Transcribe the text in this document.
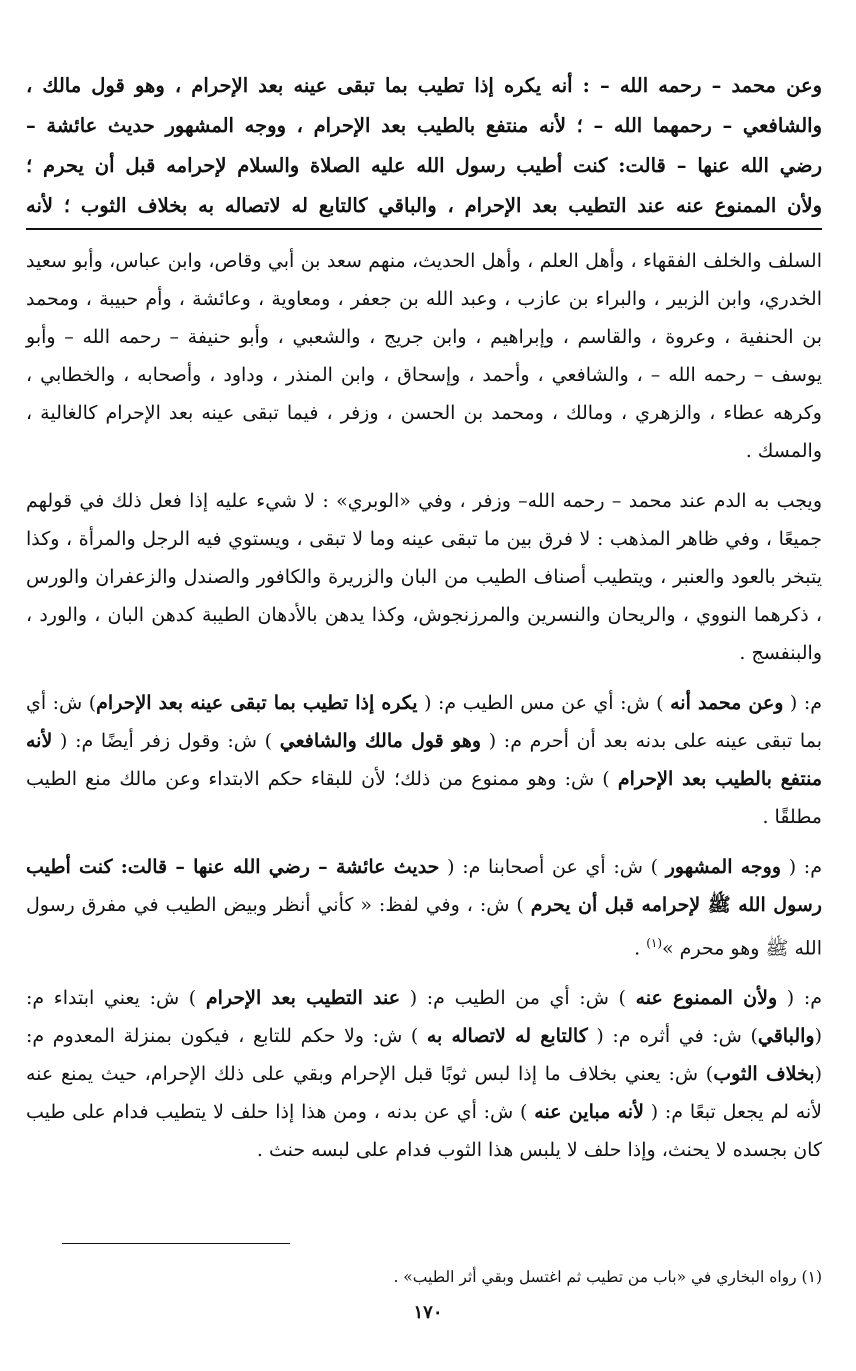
وعن محمد – رحمه الله – : أنه يكره إذا تطيب بما تبقى عينه بعد الإحرام ، وهو قول مالك ،
والشافعي – رحمهما الله – ؛ لأنه منتفع بالطيب بعد الإحرام ، ووجه المشهور حديث عائشة –
رضي الله عنها – قالت: كنت أطيب رسول الله عليه الصلاة والسلام لإحرامه قبل أن يحرم ؛
ولأن الممنوع عنه عند التطيب بعد الإحرام ، والباقي كالتابع له لاتصاله به بخلاف الثوب ؛ لأنه

السلف والخلف الفقهاء ، وأهل العلم ، وأهل الحديث، منهم سعد بن أبي وقاص، وابن عباس، وأبو سعيد الخدري، وابن الزبير ، والبراء بن عازب ، وعبد الله بن جعفر ، ومعاوية ، وعائشة ، وأم حبيبة ، ومحمد بن الحنفية ، وعروة ، والقاسم ، وإبراهيم ، وابن جريج ، والشعبي ، وأبو حنيفة – رحمه الله – وأبو يوسف – رحمه الله – ، والشافعي ، وأحمد ، وإسحاق ، وابن المنذر ، وداود ، وأصحابه ، والخطابي ، وكرهه عطاء ، والزهري ، ومالك ، ومحمد بن الحسن ، وزفر ، فيما تبقى عينه بعد الإحرام كالغالية ، والمسك .

ويجب به الدم عند محمد – رحمه الله– وزفر ، وفي «الوبري» : لا شيء عليه إذا فعل ذلك في قولهم جميعًا ، وفي ظاهر المذهب : لا فرق بين ما تبقى عينه وما لا تبقى ، ويستوي فيه الرجل والمرأة ، وكذا يتبخر بالعود والعنبر ، ويتطيب أصناف الطيب من البان والزريرة والكافور والصندل والزعفران والورس ، ذكرهما النووي ، والريحان والنسرين والمرزنجوش، وكذا يدهن بالأدهان الطيبة كدهن البان ، والورد ، والبنفسج .

م: ( وعن محمد أنه ) ش: أي عن مس الطيب م: ( يكره إذا تطيب بما تبقى عينه بعد الإحرام) ش: أي بما تبقى عينه على بدنه بعد أن أحرم م: ( وهو قول مالك والشافعي ) ش: وقول زفر أيضًا م: ( لأنه منتفع بالطيب بعد الإحرام ) ش: وهو ممنوع من ذلك؛ لأن للبقاء حكم الابتداء وعن مالك منع الطيب مطلقًا .

م: ( ووجه المشهور ) ش: أي عن أصحابنا م: ( حديث عائشة – رضي الله عنها – قالت: كنت أطيب رسول الله ﷺ لإحرامه قبل أن يحرم ) ش: ، وفي لفظ: « كأني أنظر وبيض الطيب في مفرق رسول الله ﷺ وهو محرم »$^{(١)}$ .

م: ( ولأن الممنوع عنه ) ش: أي من الطيب م: ( عند التطيب بعد الإحرام ) ش: يعني ابتداء م: (والباقي) ش: في أثره م: ( كالتابع له لاتصاله به ) ش: ولا حكم للتابع ، فيكون بمنزلة المعدوم م: (بخلاف الثوب) ش: يعني بخلاف ما إذا لبس ثوبًا قبل الإحرام وبقي على ذلك الإحرام، حيث يمنع عنه لأنه لم يجعل تبعًا م: ( لأنه مباين عنه ) ش: أي عن بدنه ، ومن هذا إذا حلف لا يتطيب فدام على طيب كان بجسده لا يحنث، وإذا حلف لا يلبس هذا الثوب فدام على لبسه حنث .

(١) رواه البخاري في «باب من تطيب ثم اغتسل وبقي أثر الطيب» .

١٧٠
